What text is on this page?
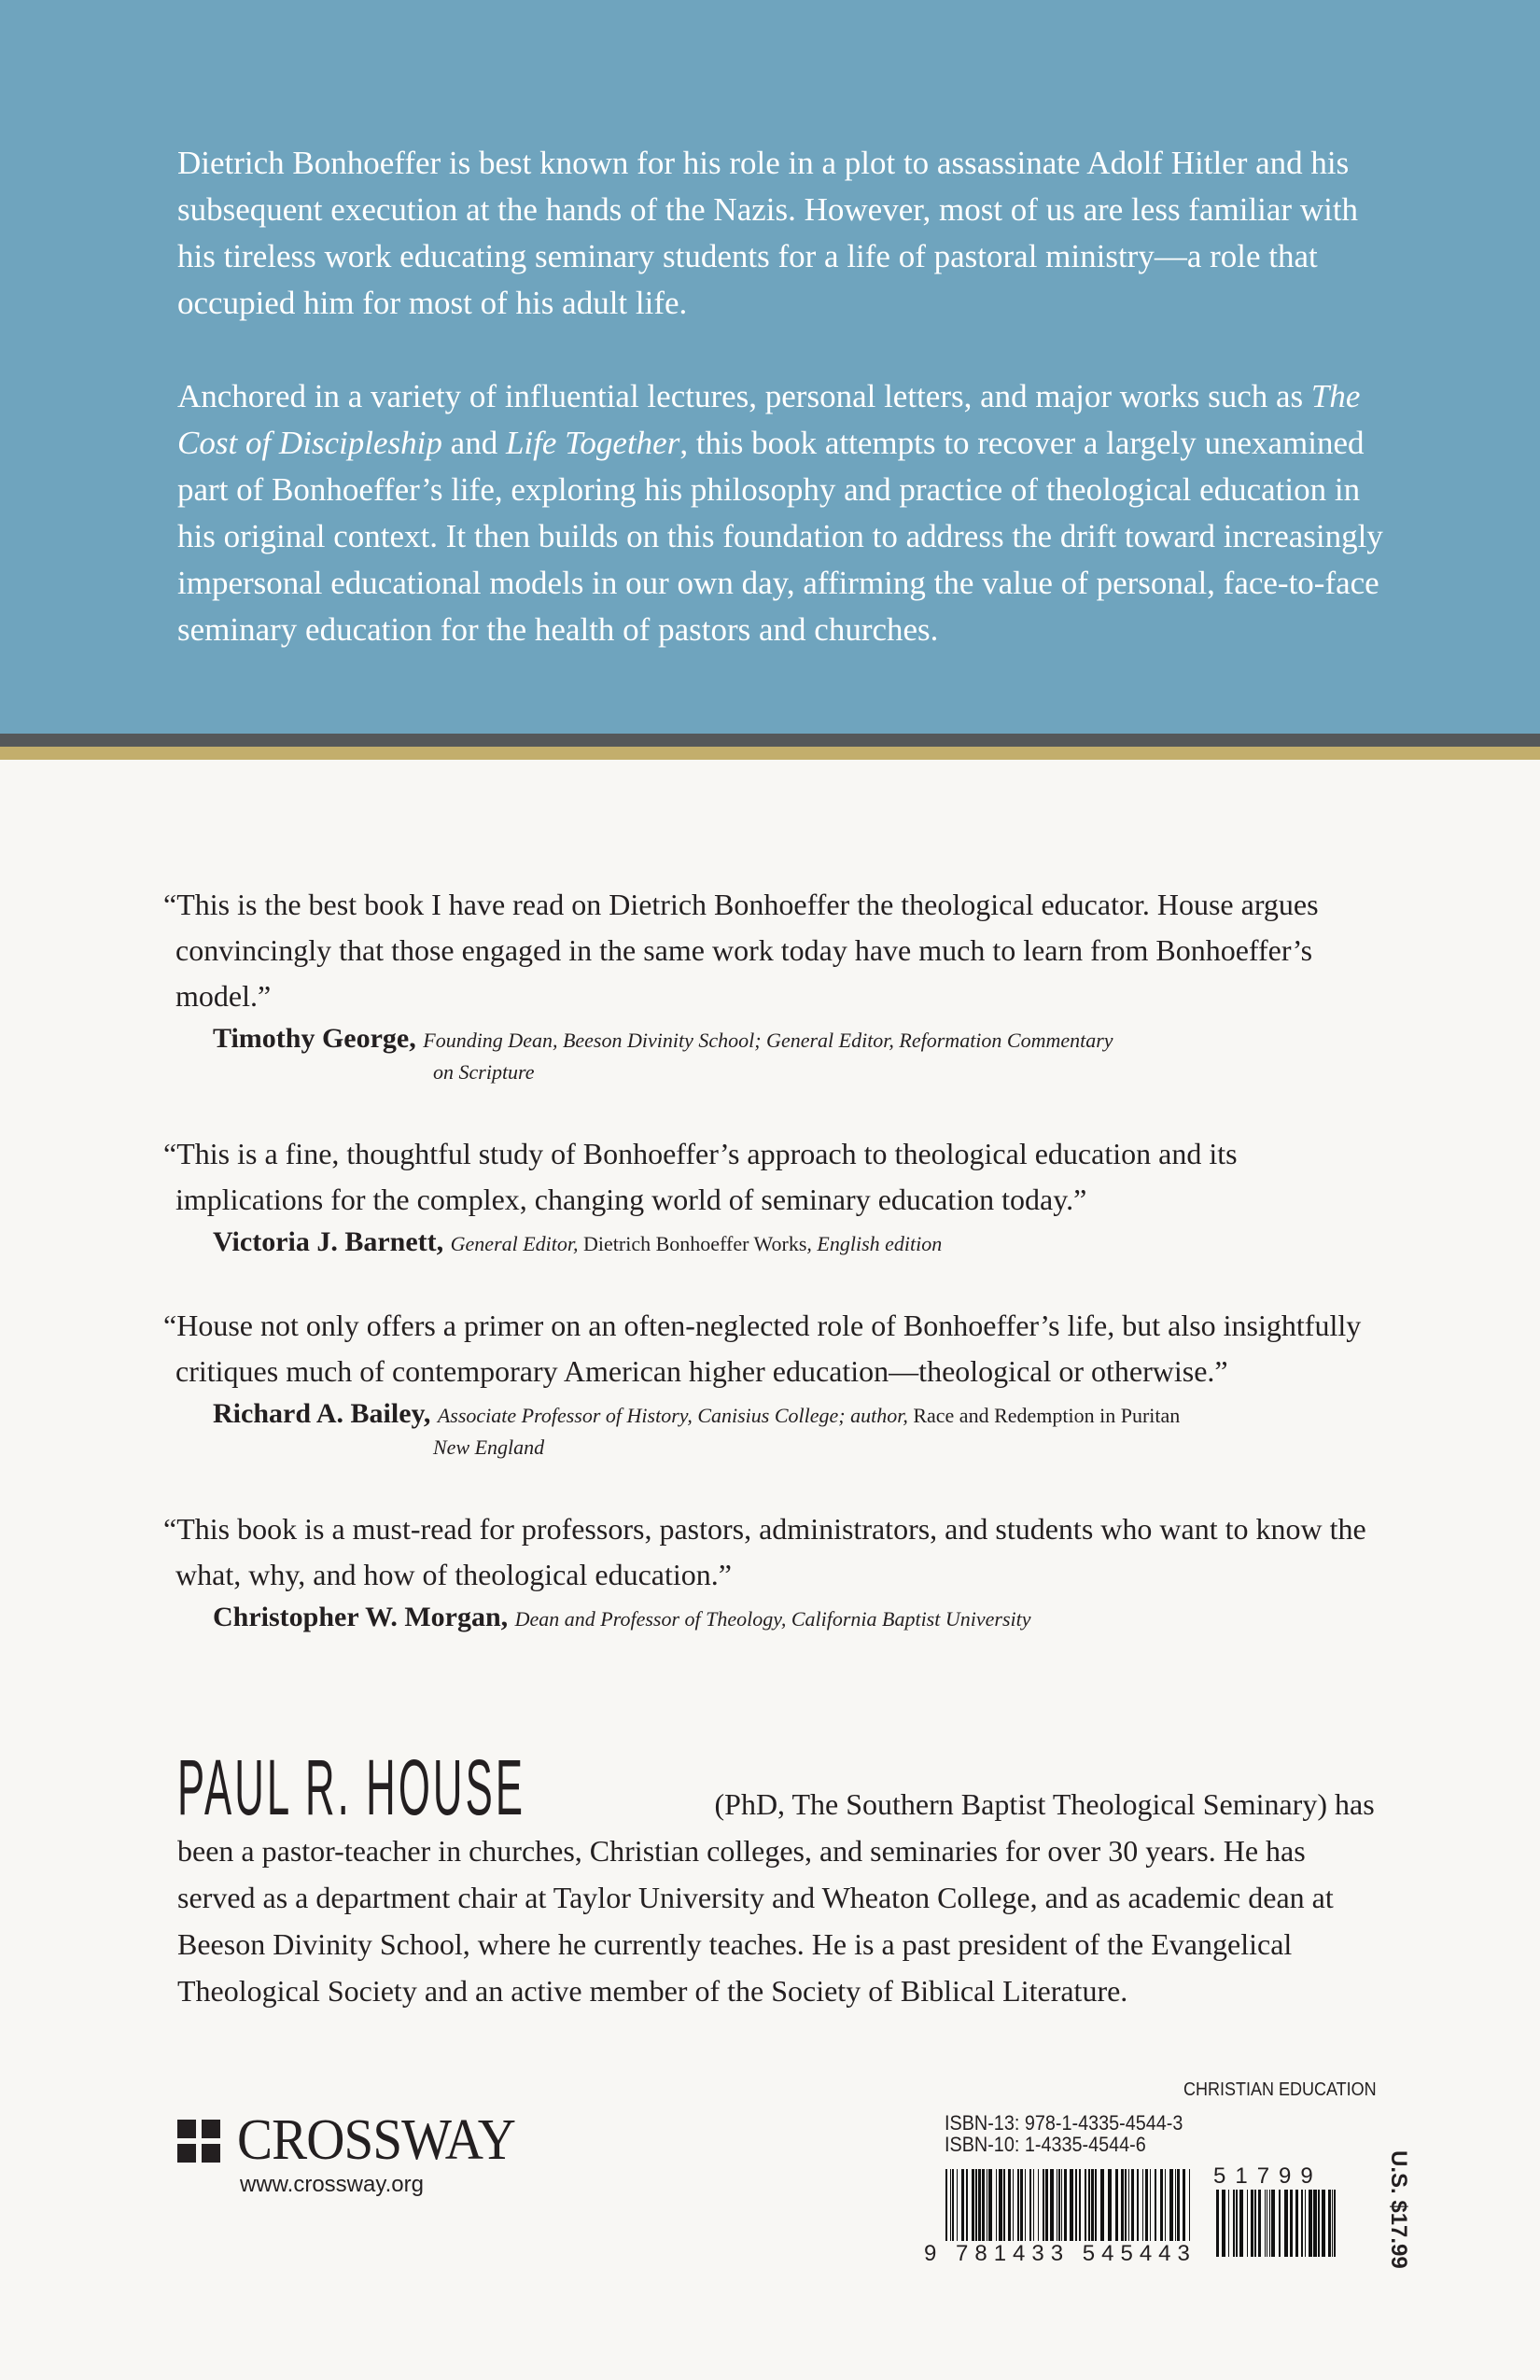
Dietrich Bonhoeffer is best known for his role in a plot to assassinate Adolf Hitler and his subsequent execution at the hands of the Nazis. However, most of us are less familiar with his tireless work educating seminary students for a life of pastoral ministry—a role that occupied him for most of his adult life.

Anchored in a variety of influential lectures, personal letters, and major works such as The Cost of Discipleship and Life Together, this book attempts to recover a largely unexamined part of Bonhoeffer’s life, exploring his philosophy and practice of theological education in his original context. It then builds on this foundation to address the drift toward increasingly impersonal educational models in our own day, affirming the value of personal, face-to-face seminary education for the health of pastors and churches.

“This is the best book I have read on Dietrich Bonhoeffer the theological educator. House argues convincingly that those engaged in the same work today have much to learn from Bonhoeffer’s model.”
Timothy George, Founding Dean, Beeson Divinity School; General Editor, Reformation Commentary
on Scripture
“This is a fine, thoughtful study of Bonhoeffer’s approach to theological education and its implications for the complex, changing world of seminary education today.”
Victoria J. Barnett, General Editor, Dietrich Bonhoeffer Works, English edition
“House not only offers a primer on an often-neglected role of Bonhoeffer’s life, but also insightfully critiques much of contemporary American higher education—theological or otherwise.”
Richard A. Bailey, Associate Professor of History, Canisius College; author, Race and Redemption in Puritan
New England
“This book is a must-read for professors, pastors, administrators, and students who want to know the what, why, and how of theological education.”
Christopher W. Morgan, Dean and Professor of Theology, California Baptist University
PAUL R. HOUSE	(PhD, The Southern Baptist Theological Seminary) has been a pastor-teacher in churches, Christian colleges, and seminaries for over 30 years. He has served as a department chair at Taylor University and Wheaton College, and as academic dean at Beeson Divinity School, where he currently teaches. He is a past president of the Evangelical Theological Society and an active member of the Society of Biblical Literature.
CHRISTIAN EDUCATION
CROSSWAY
www.crossway.org
ISBN-13: 978-1-4335-4544-3
ISBN-10: 1-4335-4544-6
9 781433 545443
51799	U.S. $17.99
